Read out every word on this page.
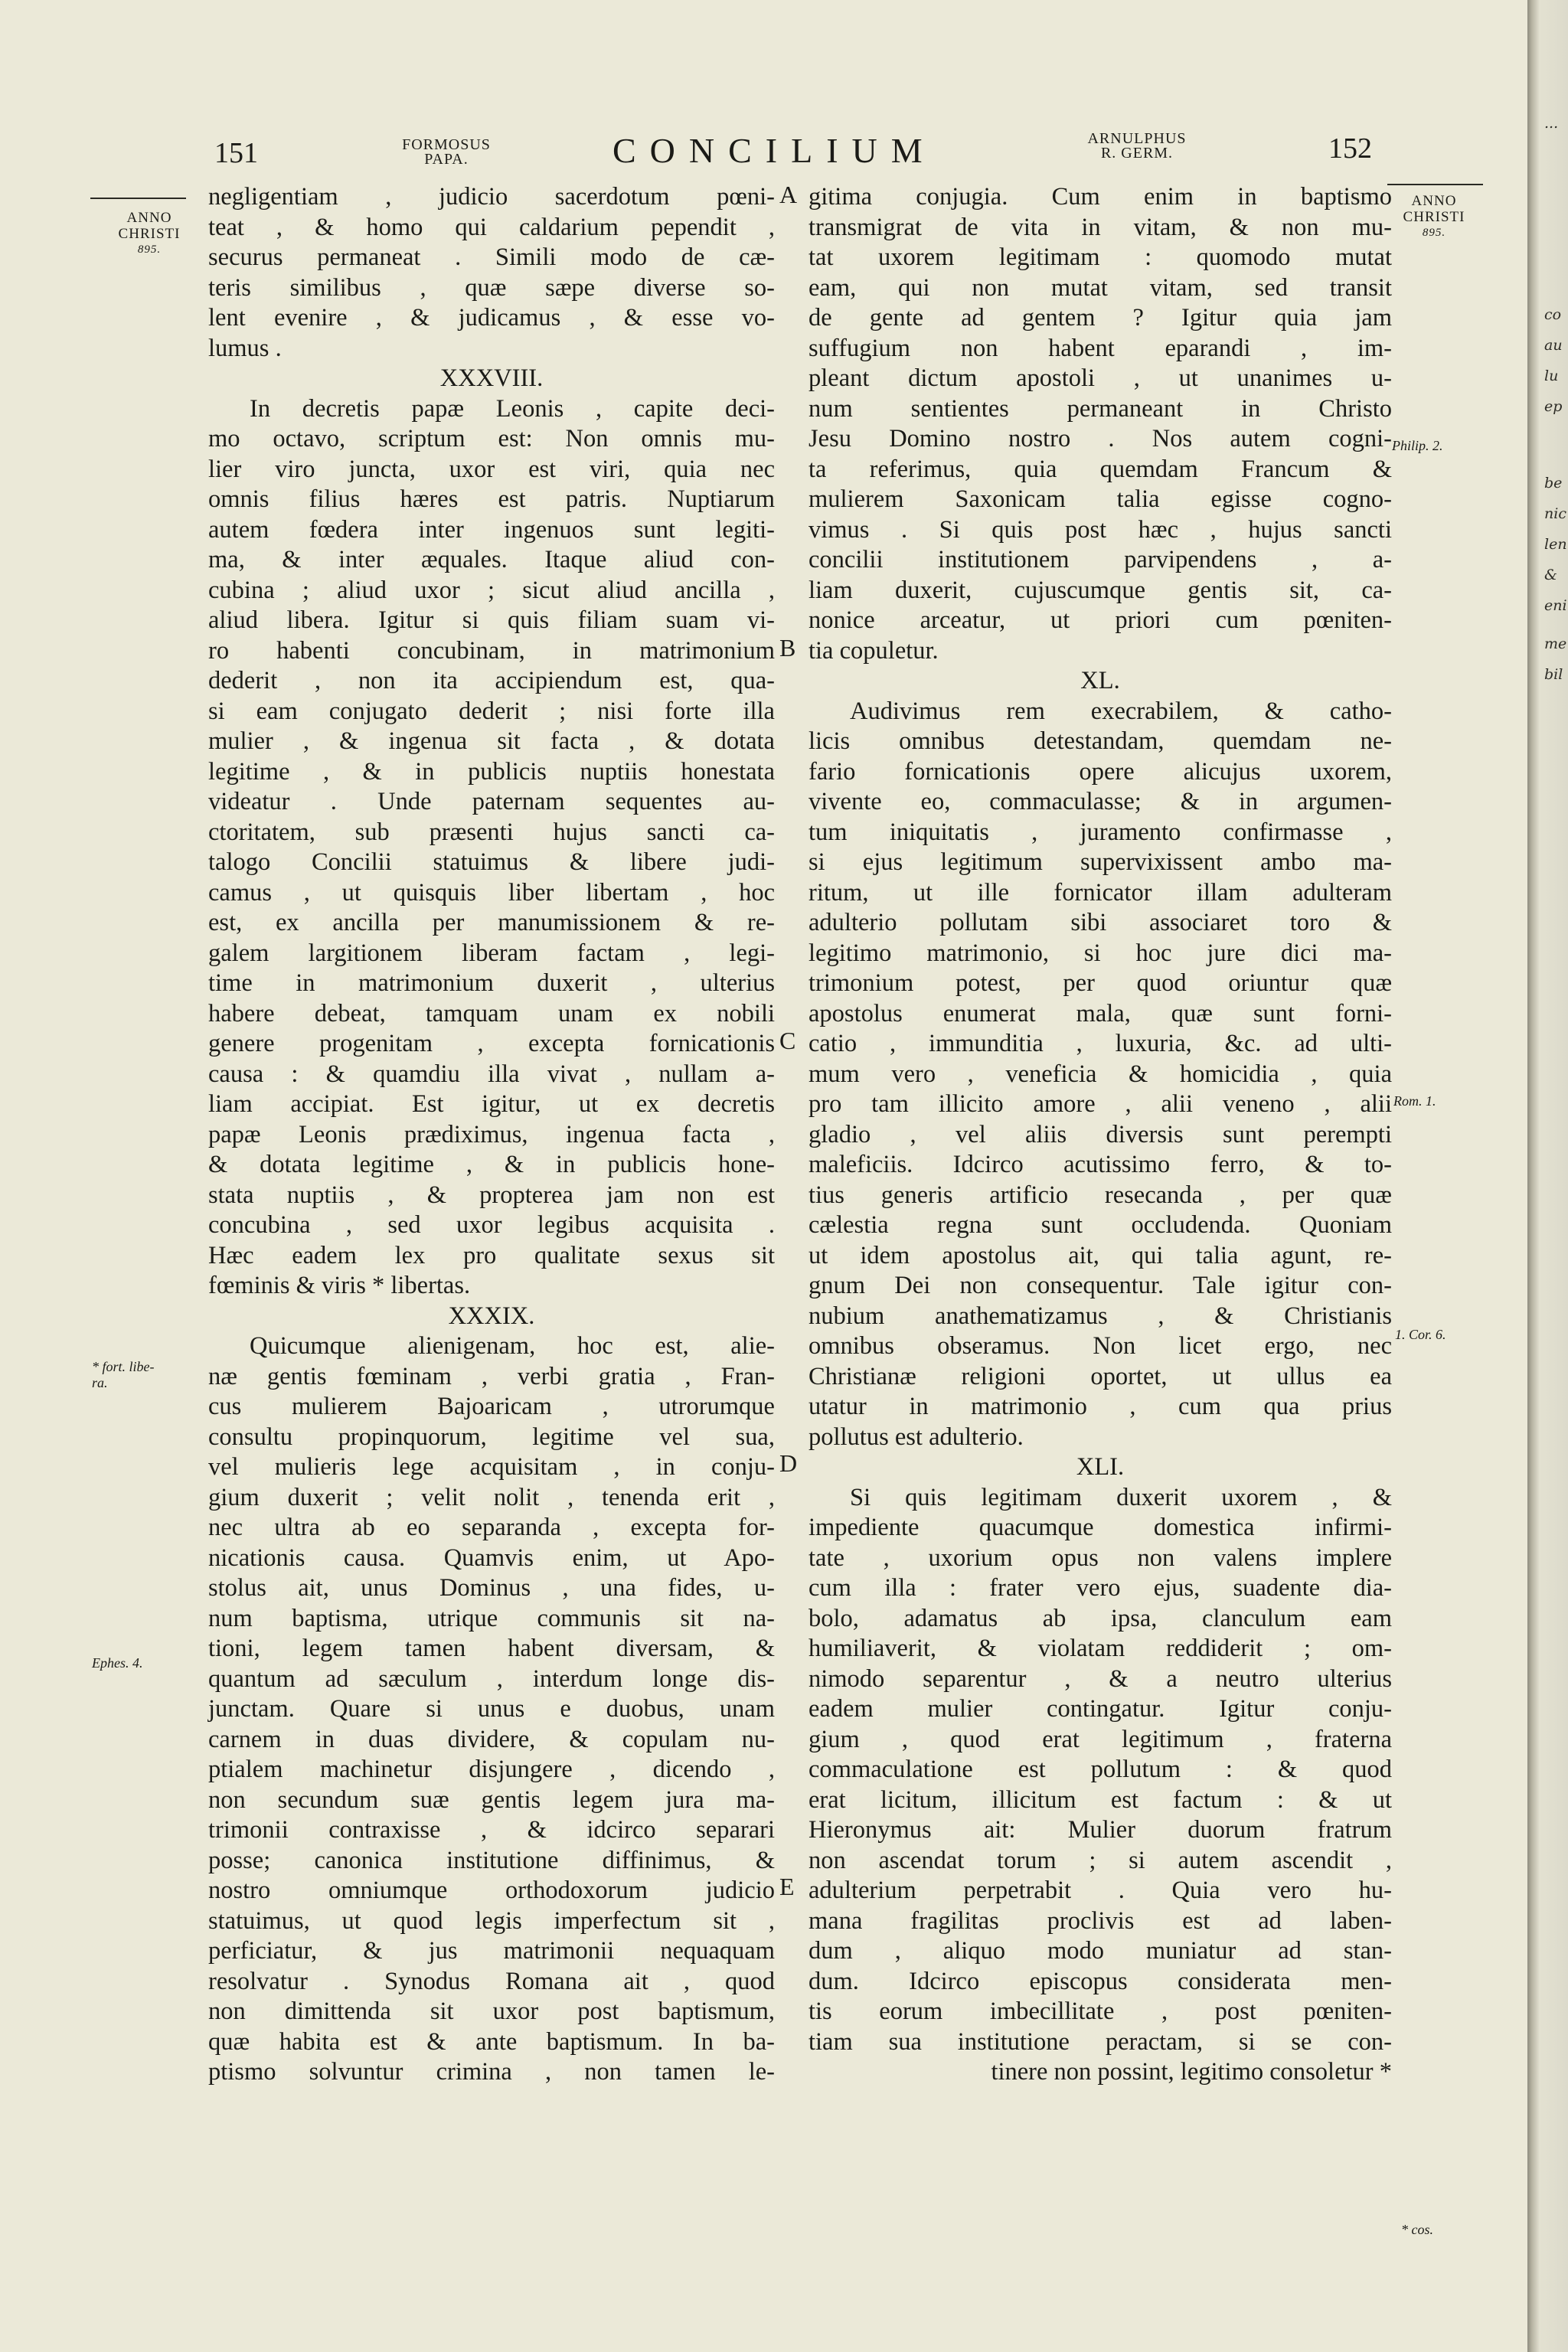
151	FORMOSUS
PAPA.	CONCILIUM	ARNULPHUS
R. GERM.	152
ANNO
CHRISTI
895.
* fort. libe-
ra.
Ephes. 4.
ANNO
CHRISTI
895.
Philip. 2.
Rom. 1.
1. Cor. 6.
* cos.
A
B
C
D
E
negligentiam , judicio sacerdotum pœni-
teat , & homo qui caldarium pependit ,
securus permaneat . Simili modo de cæ-
teris similibus , quæ sæpe diverse so-
lent evenire , & judicamus , & esse vo-
lumus .
XXXVIII.
In decretis papæ Leonis , capite deci-
mo octavo, scriptum est: Non omnis mu-
lier viro juncta, uxor est viri, quia nec
omnis filius hæres est patris. Nuptiarum
autem fœdera inter ingenuos sunt legiti-
ma, & inter æquales. Itaque aliud con-
cubina ; aliud uxor ; sicut aliud ancilla ,
aliud libera. Igitur si quis filiam suam vi-
ro habenti concubinam, in matrimonium
dederit , non ita accipiendum est, qua-
si eam conjugato dederit ; nisi forte illa
mulier , & ingenua sit facta , & dotata
legitime , & in publicis nuptiis honestata
videatur . Unde paternam sequentes au-
ctoritatem, sub præsenti hujus sancti ca-
talogo Concilii statuimus & libere judi-
camus , ut quisquis liber libertam , hoc
est, ex ancilla per manumissionem & re-
galem largitionem liberam factam , legi-
time in matrimonium duxerit , ulterius
habere debeat, tamquam unam ex nobili
genere progenitam , excepta fornicationis
causa : & quamdiu illa vivat , nullam a-
liam accipiat. Est igitur, ut ex decretis
papæ Leonis prædiximus, ingenua facta ,
& dotata legitime , & in publicis hone-
stata nuptiis , & propterea jam non est
concubina , sed uxor legibus acquisita .
Hæc eadem lex pro qualitate sexus sit
fœminis & viris * libertas.
XXXIX.
Quicumque alienigenam, hoc est, alie-
næ gentis fœminam , verbi gratia , Fran-
cus mulierem Bajoaricam , utrorumque
consultu propinquorum, legitime vel sua,
vel mulieris lege acquisitam , in conju-
gium duxerit ; velit nolit , tenenda erit ,
nec ultra ab eo separanda , excepta for-
nicationis causa. Quamvis enim, ut Apo-
stolus ait, unus Dominus , una fides, u-
num baptisma, utrique communis sit na-
tioni, legem tamen habent diversam, &
quantum ad sæculum , interdum longe dis-
junctam. Quare si unus e duobus, unam
carnem in duas dividere, & copulam nu-
ptialem machinetur disjungere , dicendo ,
non secundum suæ gentis legem jura ma-
trimonii contraxisse , & idcirco separari
posse; canonica institutione diffinimus, &
nostro omniumque orthodoxorum judicio
statuimus, ut quod legis imperfectum sit ,
perficiatur, & jus matrimonii nequaquam
resolvatur . Synodus Romana ait , quod
non dimittenda sit uxor post baptismum,
quæ habita est & ante baptismum. In ba-
ptismo solvuntur crimina , non tamen le-
gitima conjugia. Cum enim in baptismo
transmigrat de vita in vitam, & non mu-
tat uxorem legitimam : quomodo mutat
eam, qui non mutat vitam, sed transit
de gente ad gentem ? Igitur quia jam
suffugium non habent eparandi , im-
pleant dictum apostoli , ut unanimes u-
num sentientes permaneant in Christo
Jesu Domino nostro . Nos autem cogni-
ta referimus, quia quemdam Francum &
mulierem Saxonicam talia egisse cogno-
vimus . Si quis post hæc , hujus sancti
concilii institutionem parvipendens , a-
liam duxerit, cujuscumque gentis sit, ca-
nonice arceatur, ut priori cum pœniten-
tia copuletur.
XL.
Audivimus rem execrabilem, & catho-
licis omnibus detestandam, quemdam ne-
fario fornicationis opere alicujus uxorem,
vivente eo, commaculasse; & in argumen-
tum iniquitatis , juramento confirmasse ,
si ejus legitimum supervixissent ambo ma-
ritum, ut ille fornicator illam adulteram
adulterio pollutam sibi associaret toro &
legitimo matrimonio, si hoc jure dici ma-
trimonium potest, per quod oriuntur quæ
apostolus enumerat mala, quæ sunt forni-
catio , immunditia , luxuria, &c. ad ulti-
mum vero , veneficia & homicidia , quia
pro tam illicito amore , alii veneno , alii
gladio , vel aliis diversis sunt perempti
maleficiis. Idcirco acutissimo ferro, & to-
tius generis artificio resecanda , per quæ
cælestia regna sunt occludenda. Quoniam
ut idem apostolus ait, qui talia agunt, re-
gnum Dei non consequentur. Tale igitur con-
nubium anathematizamus , & Christianis
omnibus obseramus. Non licet ergo, nec
Christianæ religioni oportet, ut ullus ea
utatur in matrimonio , cum qua prius
pollutus est adulterio.
XLI.
Si quis legitimam duxerit uxorem , &
impediente quacumque domestica infirmi-
tate , uxorium opus non valens implere
cum illa : frater vero ejus, suadente dia-
bolo, adamatus ab ipsa, clanculum eam
humiliaverit, & violatam reddiderit ; om-
nimodo separentur , & a neutro ulterius
eadem mulier contingatur. Igitur conju-
gium , quod erat legitimum , fraterna
commaculatione est pollutum : & quod
erat licitum, illicitum est factum : & ut
Hieronymus ait: Mulier duorum fratrum
non ascendat torum ; si autem ascendit ,
adulterium perpetrabit . Quia vero hu-
mana fragilitas proclivis est ad laben-
dum , aliquo modo muniatur ad stan-
dum. Idcirco episcopus considerata men-
tis eorum imbecillitate , post pœniten-
tiam sua institutione peractam, si se con-
tinere non possint, legitimo consoletur *
...
co
au
lu
ep
be
nic
len
&
eni
me
bil
